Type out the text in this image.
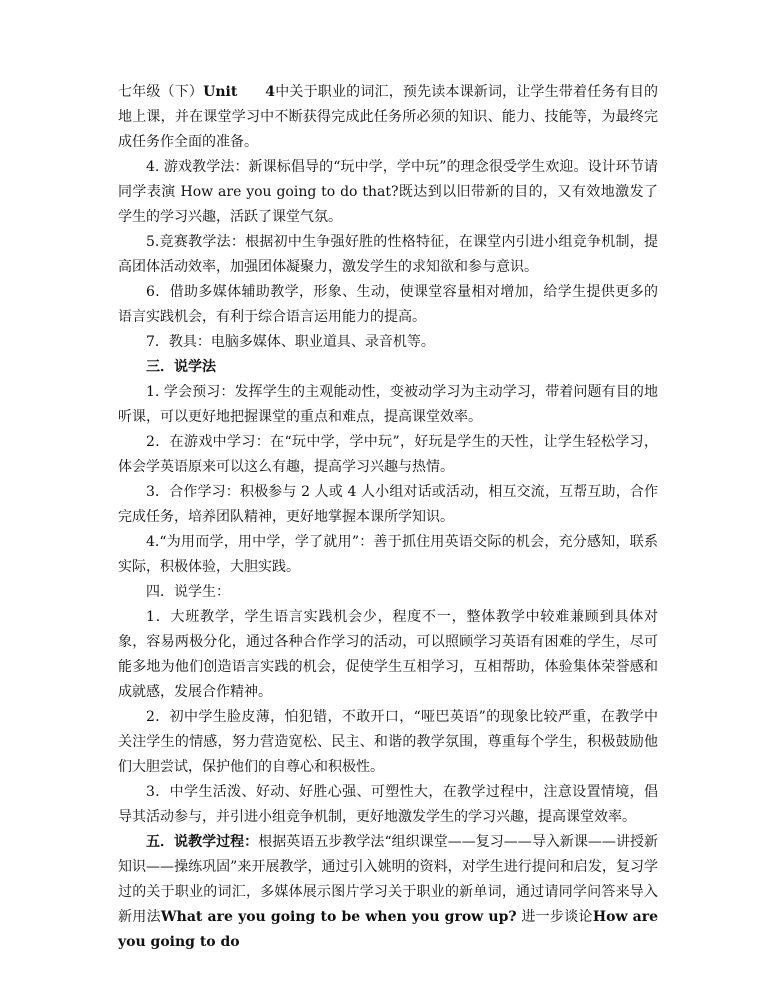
七年级（下）Unit 4中关于职业的词汇，预先读本课新词，让学生带着任务有目的地上课，并在课堂学习中不断获得完成此任务所必须的知识、能力、技能等，为最终完成任务作全面的准备。

4. 游戏教学法：新课标倡导的“玩中学，学中玩”的理念很受学生欢迎。设计环节请同学表演 How are you going to do that?既达到以旧带新的目的，又有效地激发了学生的学习兴趣，活跃了课堂气氛。

5.竞赛教学法：根据初中生争强好胜的性格特征，在课堂内引进小组竞争机制，提高团体活动效率，加强团体凝聚力，激发学生的求知欲和参与意识。

6．借助多媒体辅助教学，形象、生动，使课堂容量相对增加，给学生提供更多的语言实践机会，有利于综合语言运用能力的提高。

7．教具：电脑多媒体、职业道具、录音机等。

三．说学法

1. 学会预习：发挥学生的主观能动性，变被动学习为主动学习，带着问题有目的地听课，可以更好地把握课堂的重点和难点，提高课堂效率。

2．在游戏中学习：在“玩中学，学中玩”，好玩是学生的天性，让学生轻松学习，体会学英语原来可以这么有趣，提高学习兴趣与热情。

3．合作学习：积极参与 2 人或 4 人小组对话或活动，相互交流，互帮互助，合作完成任务，培养团队精神，更好地掌握本课所学知识。

4.“为用而学，用中学，学了就用”：善于抓住用英语交际的机会，充分感知，联系实际，积极体验，大胆实践。

四．说学生：

1．大班教学，学生语言实践机会少，程度不一，整体教学中较难兼顾到具体对象，容易两极分化，通过各种合作学习的活动，可以照顾学习英语有困难的学生，尽可能多地为他们创造语言实践的机会，促使学生互相学习，互相帮助，体验集体荣誉感和成就感，发展合作精神。

2．初中学生脸皮薄，怕犯错，不敢开口，“哑巴英语”的现象比较严重，在教学中关注学生的情感，努力营造宽松、民主、和谐的教学氛围，尊重每个学生，积极鼓励他们大胆尝试，保护他们的自尊心和积极性。

3．中学生活泼、好动、好胜心强、可塑性大，在教学过程中，注意设置情境，倡导其活动参与，并引进小组竞争机制，更好地激发学生的学习兴趣，提高课堂效率。

五．说教学过程：根据英语五步教学法“组织课堂——复习——导入新课——讲授新知识——操练巩固”来开展教学，通过引入姚明的资料，对学生进行提问和启发，复习学过的关于职业的词汇，多媒体展示图片学习关于职业的新单词，通过请同学问答来导入新用法What are you going to be when you grow up? 进一步谈论How are you going to do
